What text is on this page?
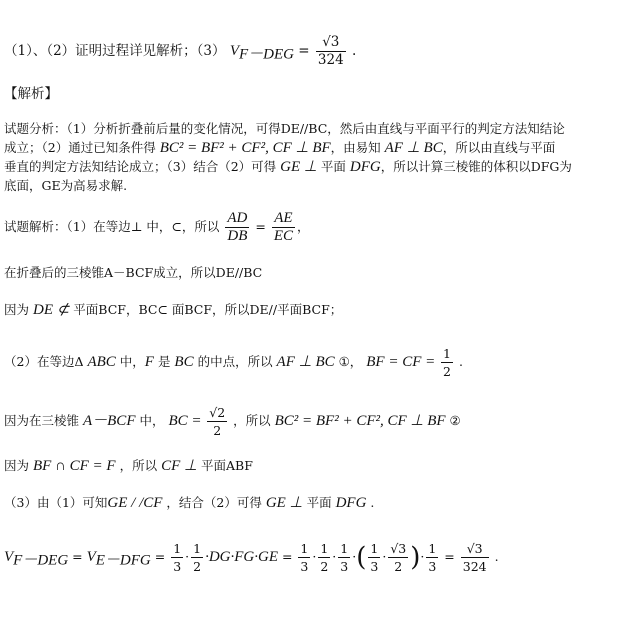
（1）、（2）证明过程详见解析；（3） $V_{F-DEG} = \frac{√3}{324}$ .
【解析】
试题分析：（1）分析折叠前后量的变化情况，可得DE//BC，然后由直线与平面平行的判定方法知结论
成立；（2）通过已知条件得 BC² = BF² + CF², CF ⊥ BF，由易知 AF ⊥ BC，所以由直线与平面
垂直的判定方法知结论成立；（3）结合（2）可得 GE ⊥ 平面 DFG，所以计算三棱锥的体积以DFG为
底面，GE为高易求解.
试题解析：（1）在等边⊥ 中，⊂，所以 $\frac{AD}{DB} = \frac{AE}{EC}$ ，
在折叠后的三棱锥A－BCF成立，所以DE//BC
因为 DE ⊄ 平面BCF，BC⊂ 面BCF，所以DE//平面BCF；
（2）在等边Δ ABC 中，F 是 BC 的中点，所以 AF ⊥ BC ①， BF = CF = $\frac{1}{2}$ .
因为在三棱锥 A－BCF 中， BC = $\frac{√2}{2}$ ，所以 BC² = BF² + CF², CF ⊥ BF ②
因为 BF ∩ CF = F ，所以 CF ⊥ 平面ABF
（3）由（1）可知GE / /CF ，结合（2）可得 GE ⊥ 平面 DFG .
$V_{F-DEG} = V_{E-DFG} = \frac{1}{3} \cdot \frac{1}{2} \cdot DG\cdot FG\cdot GE = \frac{1}{3} \cdot \frac{1}{2} \cdot \frac{1}{3}$ ·( $\frac{1}{3} \cdot \frac{√3}{2}$ )· $\frac{1}{3} = \frac{√3}{324}$ .
